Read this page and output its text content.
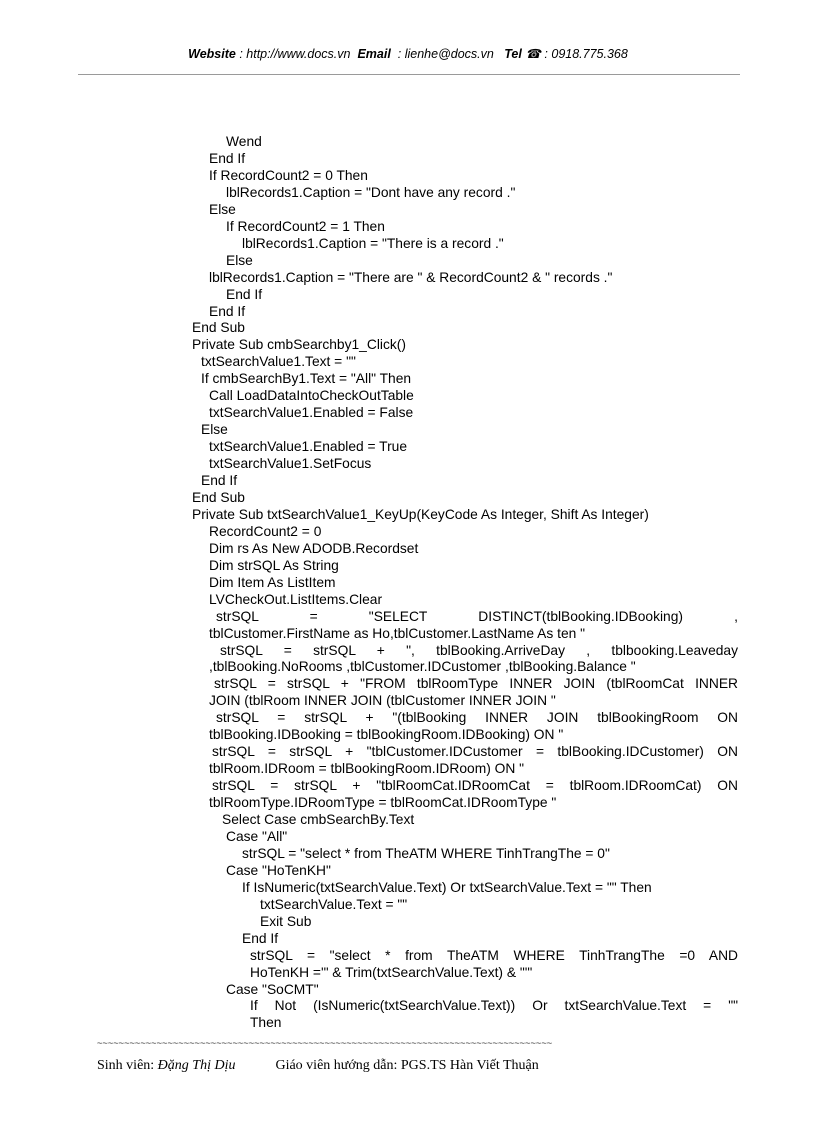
Website : http://www.docs.vn Email : lienhe@docs.vn Tel ☎ : 0918.775.368
Wend
End If
If RecordCount2 = 0 Then
lblRecords1.Caption = "Dont have any record ."
Else
If RecordCount2 = 1 Then
lblRecords1.Caption = "There is a record ."
Else
lblRecords1.Caption = "There are " & RecordCount2 & " records ."
End If
End If
End Sub
Private Sub cmbSearchby1_Click()
txtSearchValue1.Text = ""
If cmbSearchBy1.Text = "All" Then
Call LoadDataIntoCheckOutTable
txtSearchValue1.Enabled = False
Else
txtSearchValue1.Enabled = True
txtSearchValue1.SetFocus
End If
End Sub
Private Sub txtSearchValue1_KeyUp(KeyCode As Integer, Shift As Integer)
RecordCount2 = 0
Dim rs As New ADODB.Recordset
Dim strSQL As String
Dim Item As ListItem
LVCheckOut.ListItems.Clear
strSQL = "SELECT DISTINCT(tblBooking.IDBooking) ,
tblCustomer.FirstName as Ho,tblCustomer.LastName As ten "
strSQL = strSQL + ", tblBooking.ArriveDay , tblbooking.Leaveday
,tblBooking.NoRooms ,tblCustomer.IDCustomer ,tblBooking.Balance "
strSQL = strSQL + "FROM tblRoomType INNER JOIN (tblRoomCat INNER
JOIN (tblRoom INNER JOIN (tblCustomer INNER JOIN "
strSQL = strSQL + "(tblBooking INNER JOIN tblBookingRoom ON
tblBooking.IDBooking = tblBookingRoom.IDBooking) ON "
strSQL = strSQL + "tblCustomer.IDCustomer = tblBooking.IDCustomer) ON
tblRoom.IDRoom = tblBookingRoom.IDRoom) ON "
strSQL = strSQL + "tblRoomCat.IDRoomCat = tblRoom.IDRoomCat) ON
tblRoomType.IDRoomType = tblRoomCat.IDRoomType "
Select Case cmbSearchBy.Text
Case "All"
strSQL = "select * from TheATM WHERE TinhTrangThe = 0"
Case "HoTenKH"
If IsNumeric(txtSearchValue.Text) Or txtSearchValue.Text = "" Then
txtSearchValue.Text = ""
Exit Sub
End If
strSQL = "select * from TheATM WHERE TinhTrangThe =0 AND
HoTenKH ='" & Trim(txtSearchValue.Text) & "'"
Case "SoCMT"
If Not (IsNumeric(txtSearchValue.Text)) Or txtSearchValue.Text = ""
Then
~~~~~~~~~~~~~~~~~~~~~~~~~~~~~~~~~~~~~~~~~~~~~~~~~~~~~~~~~~~~~~~~~~~~~~~~~~~~~~~~~~~~
Sinh viên: Đặng Thị Dịu	Giáo viên hướng dẫn: PGS.TS Hàn Viết Thuận
